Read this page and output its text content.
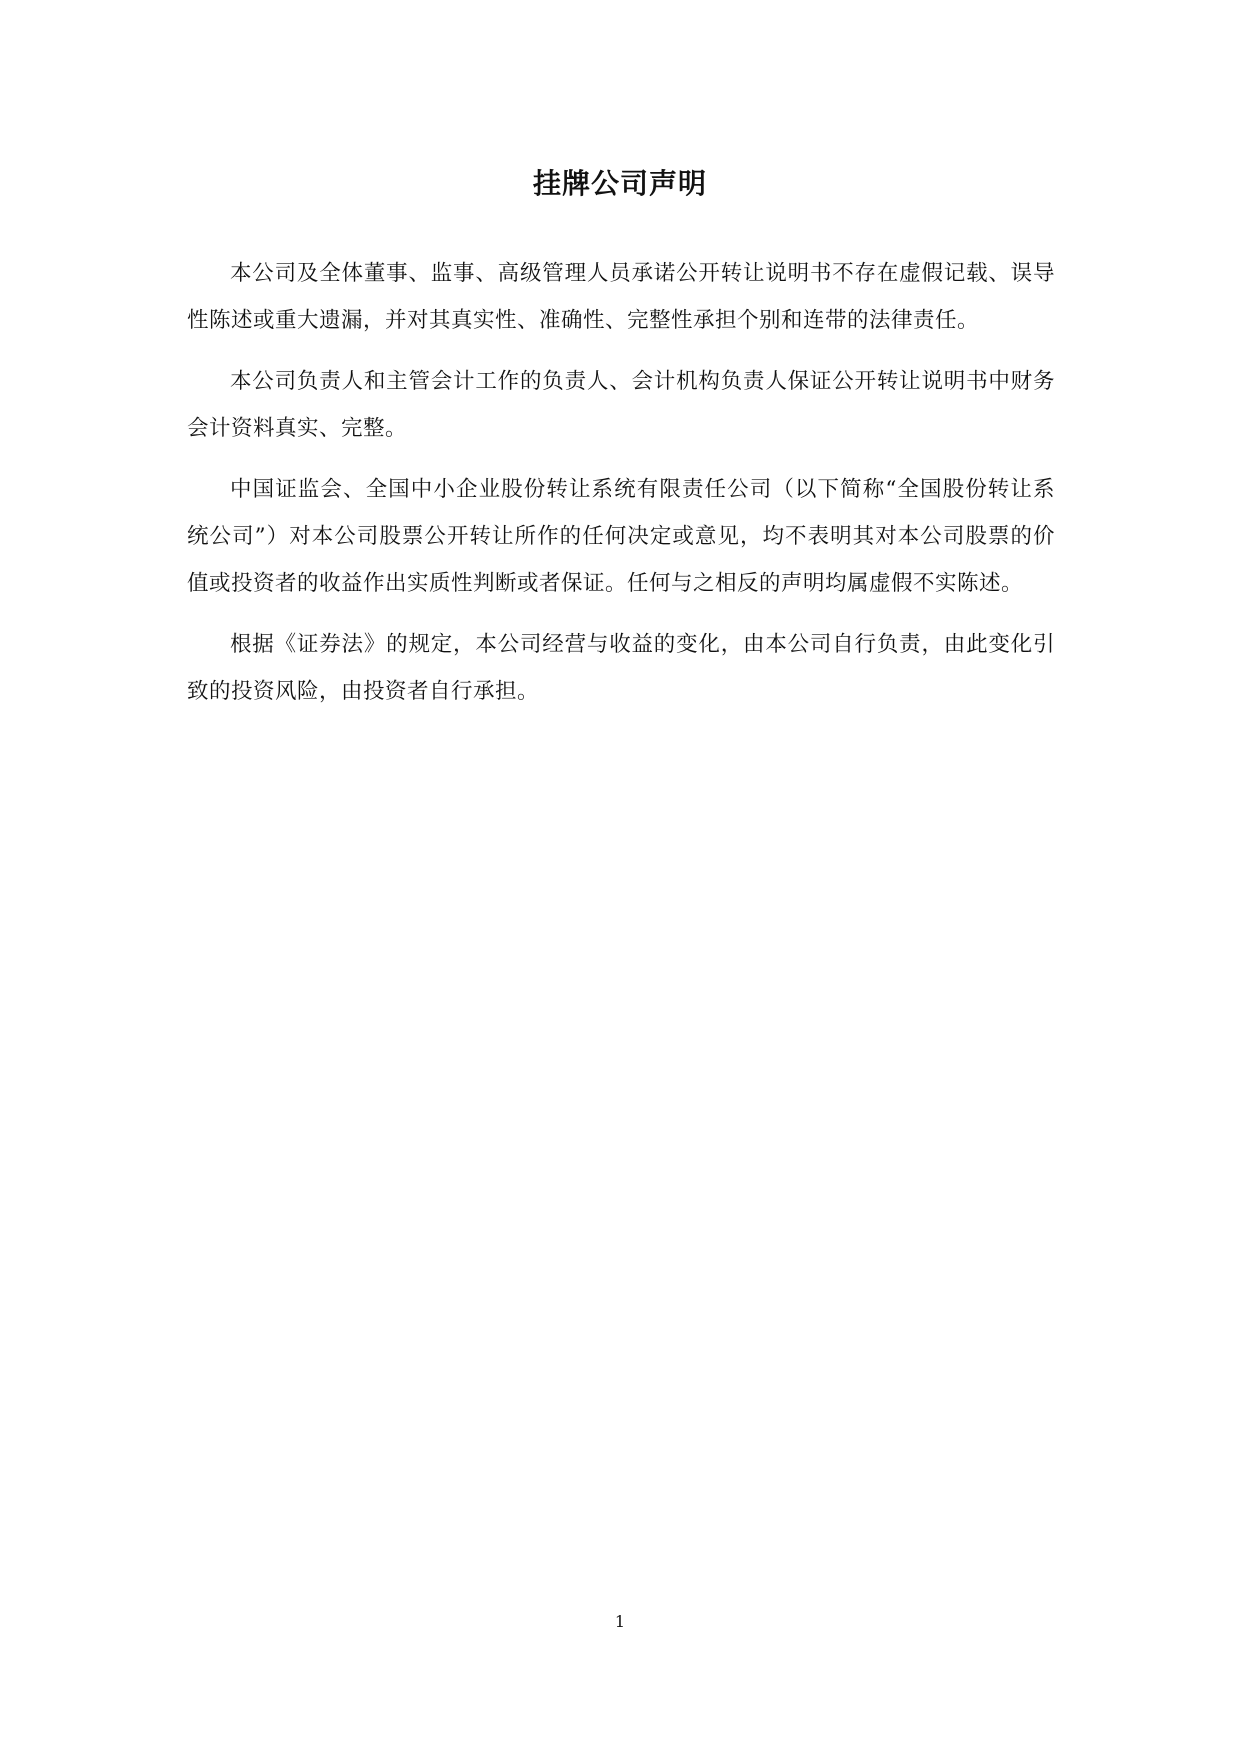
挂牌公司声明

本公司及全体董事、监事、高级管理人员承诺公开转让说明书不存在虚假记载、误导性陈述或重大遗漏，并对其真实性、准确性、完整性承担个别和连带的法律责任。

本公司负责人和主管会计工作的负责人、会计机构负责人保证公开转让说明书中财务会计资料真实、完整。

中国证监会、全国中小企业股份转让系统有限责任公司（以下简称“全国股份转让系统公司”）对本公司股票公开转让所作的任何决定或意见，均不表明其对本公司股票的价值或投资者的收益作出实质性判断或者保证。任何与之相反的声明均属虚假不实陈述。

根据《证券法》的规定，本公司经营与收益的变化，由本公司自行负责，由此变化引致的投资风险，由投资者自行承担。

1
